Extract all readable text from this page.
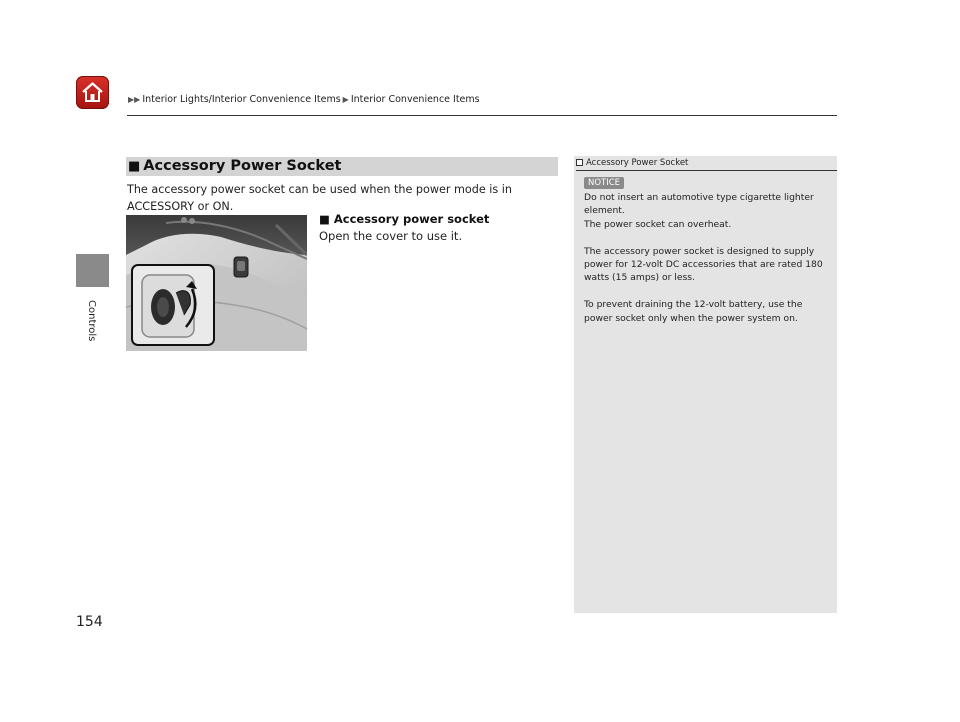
▶▶ Interior Lights/Interior Convenience Items ▶ Interior Convenience Items
Controls
154
■ Accessory Power Socket
The accessory power socket can be used when the power mode is in ACCESSORY or ON.
■ Accessory power socket
Open the cover to use it.
Accessory Power Socket
NOTICE

Do not insert an automotive type cigarette lighter element.
The power socket can overheat.

The accessory power socket is designed to supply power for 12-volt DC accessories that are rated 180 watts (15 amps) or less.

To prevent draining the 12-volt battery, use the power socket only when the power system on.
